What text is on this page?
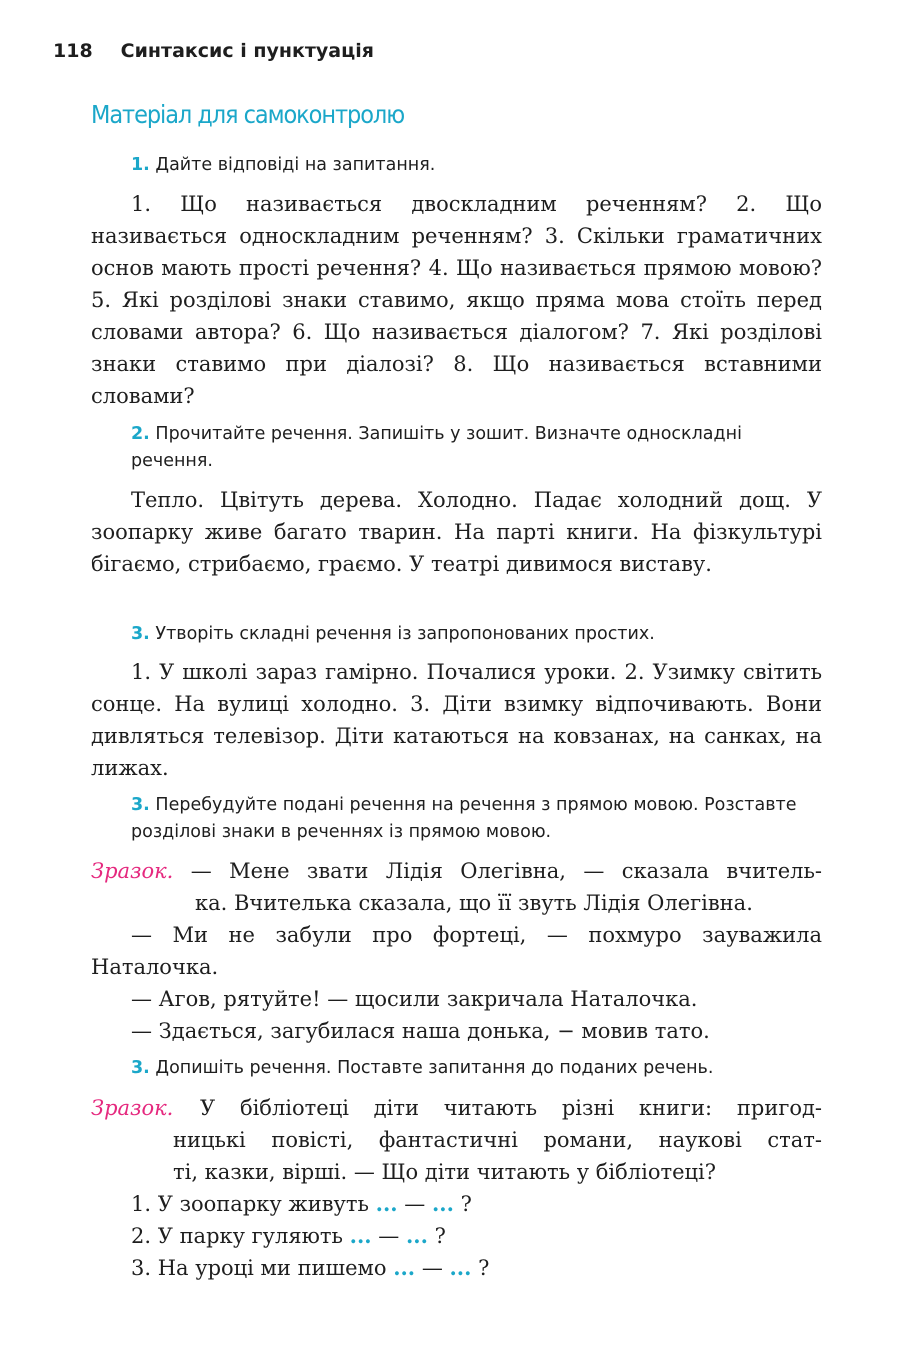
118 Синтаксис і пунктуація
Матеріал для самоконтролю
1. Дайте відповіді на запитання.
1. Що називається двоскладним реченням? 2. Що називається односкладним реченням? 3. Скільки граматичних основ мають прості речення? 4. Що називається прямою мовою? 5. Які розділові знаки ставимо, якщо пряма мова стоїть перед словами автора? 6. Що називається діалогом? 7. Які розділові знаки ставимо при діалозі? 8. Що називається вставними словами?
2. Прочитайте речення. Запишіть у зошит. Визначте односкладні речення.
Тепло. Цвітуть дерева. Холодно. Падає холодний дощ. У зоопарку живе багато тварин. На парті книги. На фізкультурі бігаємо, стрибаємо, граємо. У театрі дивимося виставу.
3. Утворіть складні речення із запропонованих простих.
1. У школі зараз гамірно. Почалися уроки. 2. Узимку світить сонце. На вулиці холодно. 3. Діти взимку відпочивають. Вони дивляться телевізор. Діти катаються на ковзанах, на санках, на лижах.
3. Перебудуйте подані речення на речення з прямою мовою. Розставте розділові знаки в реченнях із прямою мовою.
Зразок. — Мене звати Лідія Олегівна, — сказала вчитель-
ка. Вчителька сказала, що її звуть Лідія Олегівна.
— Ми не забули про фортеці, — похмуро зауважила
Наталочка.
— Агов, рятуйте! — щосили закричала Наталочка.
— Здається, загубилася наша донька, − мовив тато.
3. Допишіть речення. Поставте запитання до поданих речень.
Зразок. У бібліотеці діти читають різні книги: пригод-
ницькі повісті, фантастичні романи, наукові стат-
ті, казки, вірші. — Що діти читають у бібліотеці?
1. У зоопарку живуть ... — ... ?
2. У парку гуляють ... — ... ?
3. На уроці ми пишемо ... — ... ?
